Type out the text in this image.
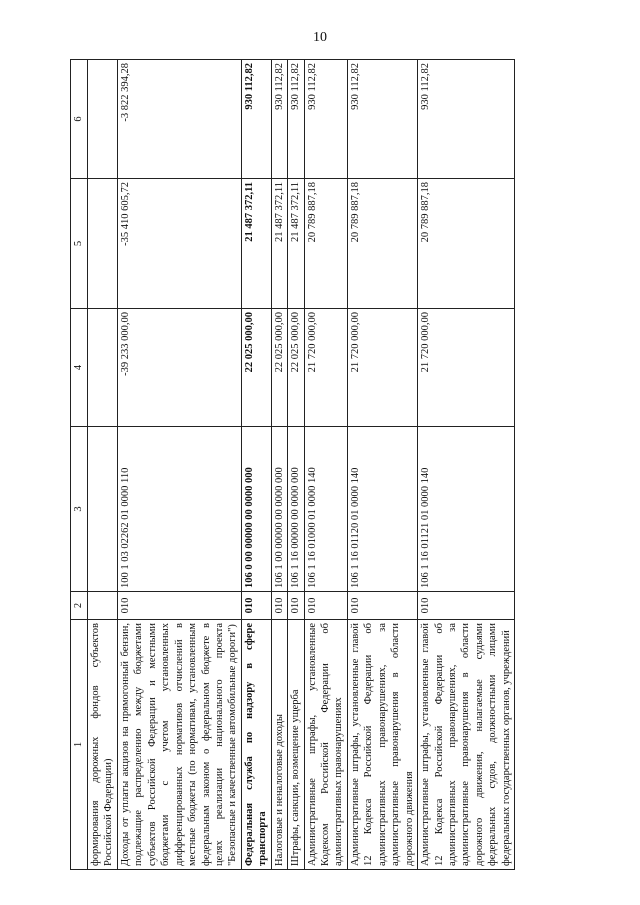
10
1	2	3	4	5	6
формирования дорожных фондов субъектов Российской Федерации)					
Доходы от уплаты акцизов на прямогонный бензин, подлежащие распределению между бюджетами субъектов Российской Федерации и местными бюджетами с учетом установленных дифференцированных нормативов отчислений в местные бюджеты (по нормативам, установленным федеральным законом о федеральном бюджете в целях реализации национального проекта "Безопасные и качественные автомобильные дороги")	010	100 1 03 02262 01 0000 110	-39 233 000,00	-35 410 605,72	-3 822 394,28
Федеральная служба по надзору в сфере транспорта	010	106 0 00 00000 00 0000 000	22 025 000,00	21 487 372,11	930 112,82
Налоговые и неналоговые доходы	010	106 1 00 00000 00 0000 000	22 025 000,00	21 487 372,11	930 112,82
Штрафы, санкции, возмещение ущерба	010	106 1 16 00000 00 0000 000	22 025 000,00	21 487 372,11	930 112,82
Административные штрафы, установленные Кодексом Российской Федерации об административных правонарушениях	010	106 1 16 01000 01 0000 140	21 720 000,00	20 789 887,18	930 112,82
Административные штрафы, установленные главой 12 Кодекса Российской Федерации об административных правонарушениях, за административные правонарушения в области дорожного движения	010	106 1 16 01120 01 0000 140	21 720 000,00	20 789 887,18	930 112,82
Административные штрафы, установленные главой 12 Кодекса Российской Федерации об административных правонарушениях, за административные правонарушения в области дорожного движения, налагаемые судьями федеральных судов, должностными лицами федеральных государственных органов, учреждений	010	106 1 16 01121 01 0000 140	21 720 000,00	20 789 887,18	930 112,82
